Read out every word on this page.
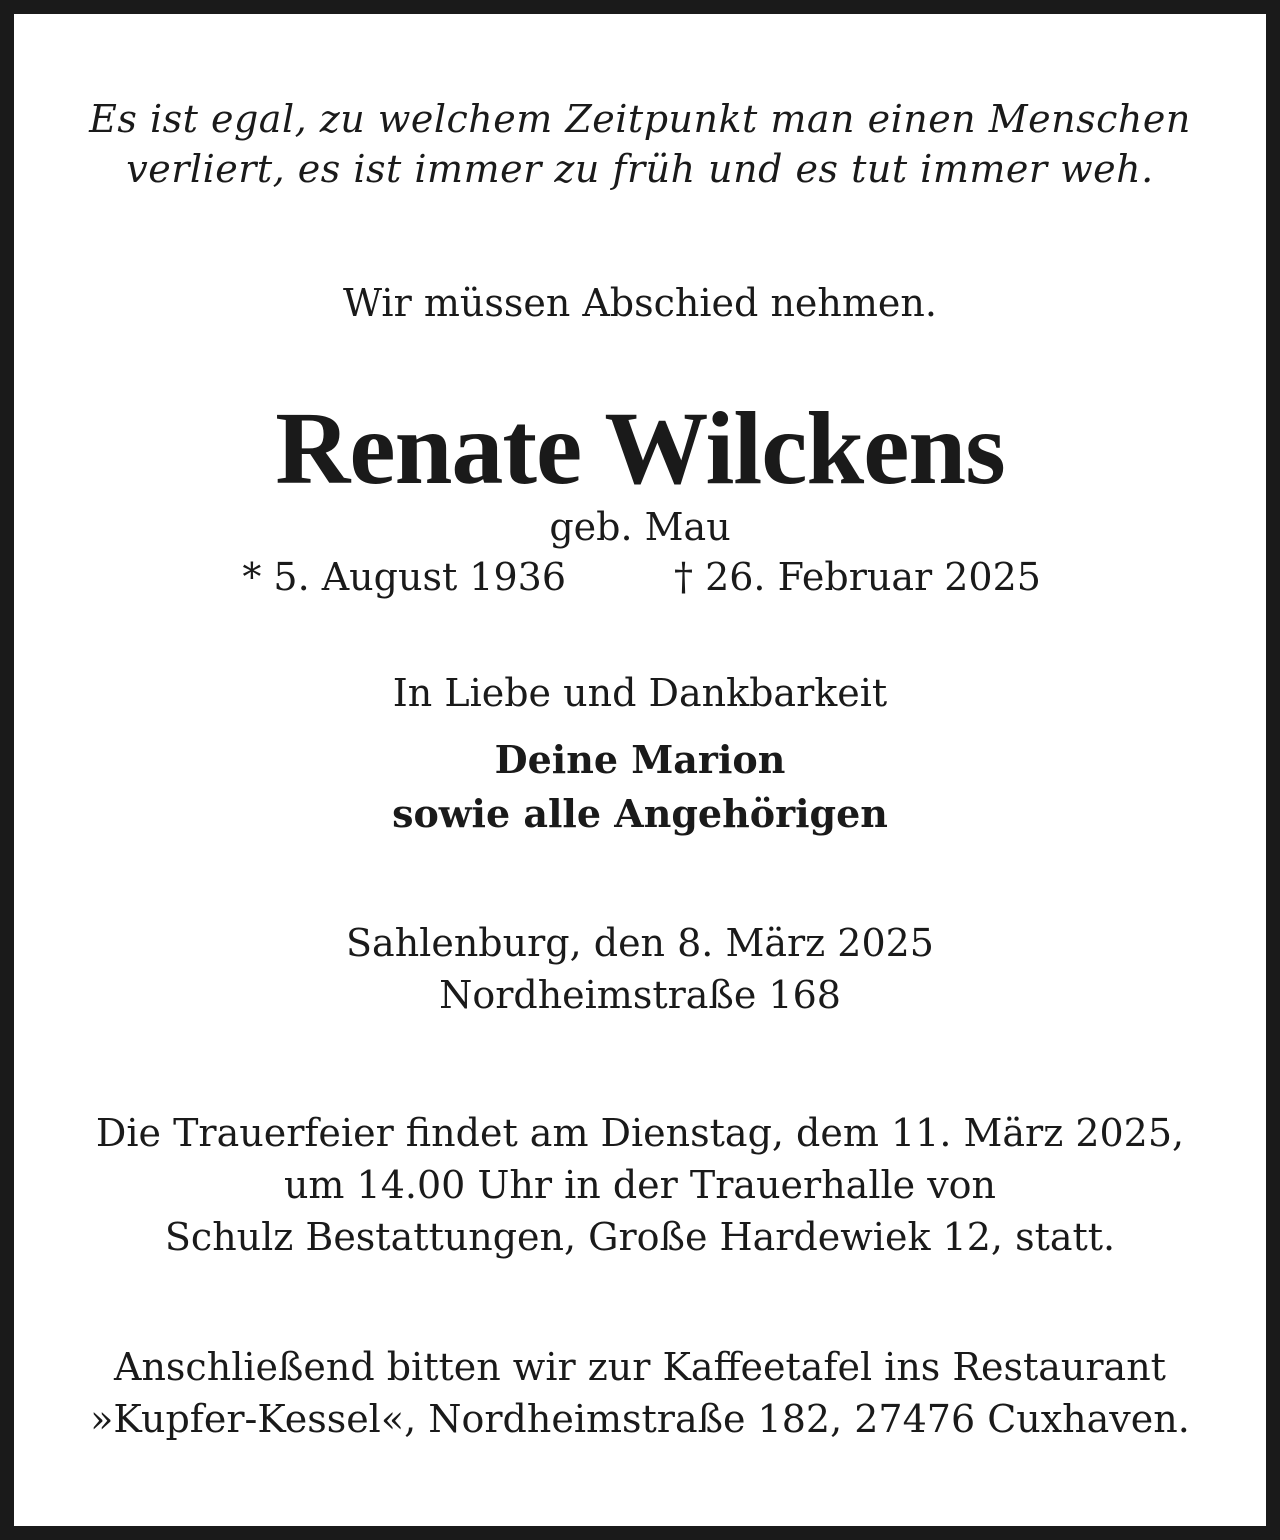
Es ist egal, zu welchem Zeitpunkt man einen Menschen
verliert, es ist immer zu früh und es tut immer weh.
Wir müssen Abschied nehmen.
Renate Wilckens
geb. Mau
* 5. August 1936	† 26. Februar 2025
In Liebe und Dankbarkeit
Deine Marion
sowie alle Angehörigen
Sahlenburg, den 8. März 2025
Nordheimstraße 168
Die Trauerfeier findet am Dienstag, dem 11. März 2025,
um 14.00 Uhr in der Trauerhalle von
Schulz Bestattungen, Große Hardewiek 12, statt.
Anschließend bitten wir zur Kaffeetafel ins Restaurant
»Kupfer-Kessel«, Nordheimstraße 182, 27476 Cuxhaven.
